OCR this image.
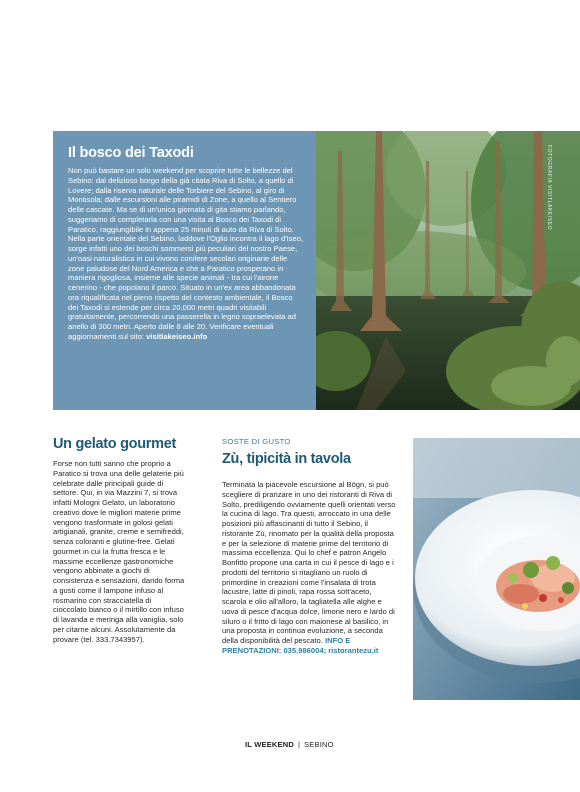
Il bosco dei Taxodi

Non può bastare un solo weekend per scoprire tutte le bellezze del Sebino: dal delizioso borgo della già citata Riva di Solto, a quello di Lovere; dalla riserva naturale delle Torbiere del Sebino, al giro di Montisola; dalle escursioni alle piramidi di Zone, a quello al Sentiero delle cascate. Ma se di un'unica giornata di gita stiamo parlando, suggeriamo di completarla con una visita al Bosco dei Taxodi di Paratico, raggiungibile in appena 25 minuti di auto da Riva di Solto. Nella parte orientale del Sebino, laddove l'Oglio incontra il lago d'Iseo, sorge infatti uno dei boschi sommersi più peculiari del nostro Paese, un'oasi naturalistica in cui vivono conifere secolari originarie delle zone paludose del Nord America e che a Paratico prosperano in maniera rigogliosa, insieme alle specie animali - tra cui l'airone cenerino - che popolano il parco. Situato in un'ex area abbandonata ora riqualificata nel pieno rispetto del contesto ambientale, il Bosco dei Taxodi si estende per circa 20.000 metri quadri visitabili gratuitamente, percorrendo una passerella in legno sopraelevata ad anello di 300 metri. Aperto dalle 8 alle 20. Verificare eventuali aggiornamenti sul sito: visitlakeiseo.info

FOTOGRAFIA VISITLAKEISEO
Un gelato gourmet

Forse non tutti sanno che proprio a Paratico si trova una delle gelaterie più celebrate dalle principali guide di settore. Qui, in via Mazzini 7, si trova infatti Mologni Gelato, un laboratorio creativo dove le migliori materie prime vengono trasformate in golosi gelati artigianali, granite, creme e semifreddi, senza coloranti e glutine-free. Gelati gourmet in cui la frutta fresca e le massime eccellenze gastronomiche vengono abbinate a giochi di consistenza e sensazioni, dando forma a gusti come il lampone infuso al rosmarino con stracciatella di cioccolato bianco o il mirtillo con infuso di lavanda e meringa alla vaniglia, solo per citarne alcuni. Assolutamente da provare (tel. 333.7343957).

SOSTE DI GUSTO
Zù, tipicità in tavola

Terminata la piacevole escursione al Bögn, si può scegliere di pranzare in uno dei ristoranti di Riva di Solto, prediligendo ovviamente quelli orientati verso la cucina di lago. Tra questi, arroccato in una delle posizioni più affascinanti di tutto il Sebino, il ristorante Zù, rinomato per la qualità della proposta e per la selezione di materie prime del territorio di massima eccellenza. Qui lo chef e patron Angelo Bonfitto propone una carta in cui il pesce di lago e i prodotti del territorio si ritagliano un ruolo di primordine in creazioni come l'insalata di trota lacustre, latte di pinoli, rapa rossa sott'aceto, scarola e olio all'alloro, la tagliatella alle alghe e uova di pesce d'acqua dolce, limone nero e lardo di siluro o il fritto di lago con maionese al basilico, in una proposta in continua evoluzione, a seconda della disponibilità del pescato. INFO E PRENOTAZIONI: 035.986004; ristorantezu.it

IL WEEKEND | SEBINO
